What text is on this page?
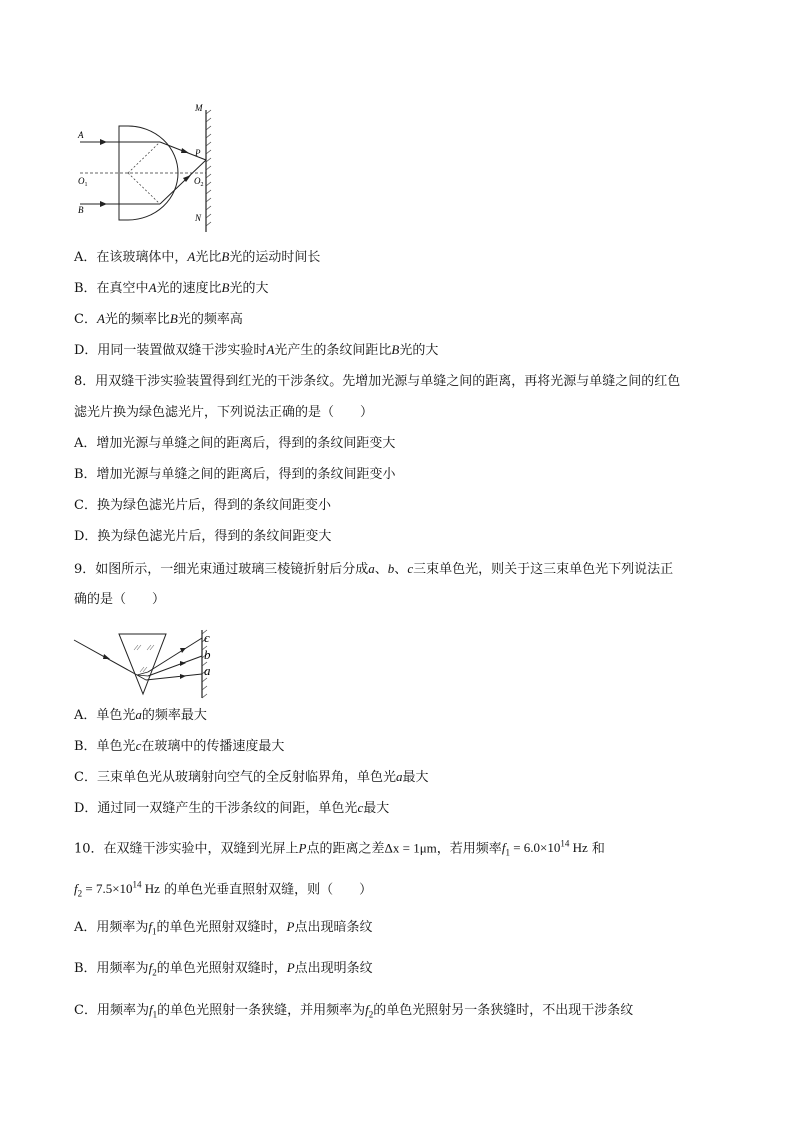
M
N
A
B
P
$O_1$	$O_2$
A．在该玻璃体中，A光比B光的运动时间长
B．在真空中A光的速度比B光的大
C．A光的频率比B光的频率高
D．用同一装置做双缝干涉实验时A光产生的条纹间距比B光的大
8．用双缝干涉实验装置得到红光的干涉条纹。先增加光源与单缝之间的距离，再将光源与单缝之间的红色
滤光片换为绿色滤光片，下列说法正确的是（　　）
A．增加光源与单缝之间的距离后，得到的条纹间距变大
B．增加光源与单缝之间的距离后，得到的条纹间距变小
C．换为绿色滤光片后，得到的条纹间距变小
D．换为绿色滤光片后，得到的条纹间距变大
9．如图所示，一细光束通过玻璃三棱镜折射后分成a、b、c三束单色光，则关于这三束单色光下列说法正
确的是（　　）
c
b
a
A．单色光a的频率最大
B．单色光c在玻璃中的传播速度最大
C．三束单色光从玻璃射向空气的全反射临界角，单色光a最大
D．通过同一双缝产生的干涉条纹的间距，单色光c最大
10．在双缝干涉实验中，双缝到光屏上P点的距离之差Δx = 1μm，若用频率$f_1 = 6.0\times 10^{14}$ Hz 和
$f_2 = 7.5\times 10^{14}$ Hz 的单色光垂直照射双缝，则（　　）
A．用频率为$f_1$的单色光照射双缝时，P点出现暗条纹
B．用频率为$f_2$的单色光照射双缝时，P点出现明条纹
C．用频率为$f_1$的单色光照射一条狭缝，并用频率为$f_2$的单色光照射另一条狭缝时，不出现干涉条纹
